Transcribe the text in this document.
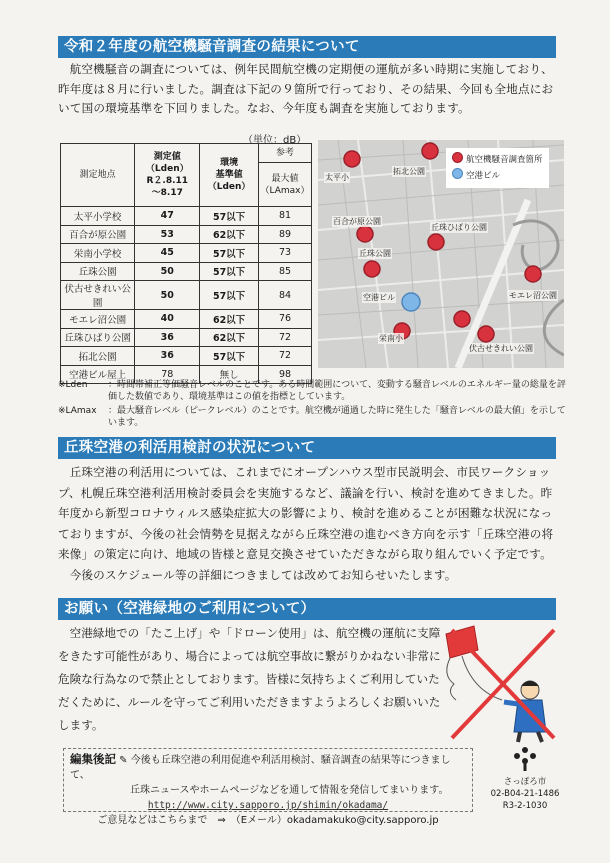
令和２年度の航空機騒音調査の結果について

航空機騒音の調査については、例年民間航空機の定期便の運航が多い時期に実施しており、昨年度は８月に行いました。調査は下記の９箇所で行っており、その結果、今回も全地点において国の環境基準を下回りました。なお、今年度も調査を実施しております。

（単位：dB）
測定地点	測定値
（Lden）
R２.8.11
～8.17	環境
基準値
（Lden）	参考
			最大値
（LAmax）
太平小学校	47	57以下	81
百合が原公園	53	62以下	89
栄南小学校	45	57以下	73
丘珠公園	50	57以下	85
伏古せきれい公園	50	57以下	84
モエレ沼公園	40	62以下	76
丘珠ひばり公園	36	62以下	72
拓北公園	36	57以下	72
空港ビル屋上	78	無し	98
太平小
拓北公園
百合が原公園
丘珠ひばり公園
丘珠公園
モエレ沼公園
空港ビル
栄南小
伏古せきれい公園
航空機騒音調査箇所
空港ビル
※Lden	：時間帯補正等価騒音レベルのことです。ある時間範囲について、変動する騒音レベルのエネルギー量の総量を評価した数値であり、環境基準はこの値を指標としています。
※LAmax	：最大騒音レベル（ピークレベル）のことです。航空機が通過した時に発生した「騒音レベルの最大値」を示しています。
丘珠空港の利活用検討の状況について

丘珠空港の利活用については、これまでにオープンハウス型市民説明会、市民ワークショップ、札幌丘珠空港利活用検討委員会を実施するなど、議論を行い、検討を進めてきました。昨年度から新型コロナウィルス感染症拡大の影響により、検討を進めることが困難な状況になっておりますが、今後の社会情勢を見据えながら丘珠空港の進むべき方向を示す「丘珠空港の将来像」の策定に向け、地域の皆様と意見交換させていただきながら取り組んでいく予定です。

今後のスケジュール等の詳細につきましては改めてお知らせいたします。

お願い（空港緑地のご利用について）

空港緑地での「たこ上げ」や「ドローン使用」は、航空機の運航に支障をきたす可能性があり、場合によっては航空事故に繋がりかねない非常に危険な行為なので禁止としております。皆様に気持ちよくご利用していただくために、ルールを守ってご利用いただきますようよろしくお願いいたします。

編集後記 ✎ 今後も丘珠空港の利用促進や利活用検討、騒音調査の結果等につきまして、
丘珠ニュースやホームページなどを通して情報を発信してまいります。
http://www.city.sapporo.jp/shimin/okadama/
ご意見などはこちらまで　⇒　（Eメール）okadamakuko@city.sapporo.jp
さっぽろ市
02-B04-21-1486
R3-2-1030
